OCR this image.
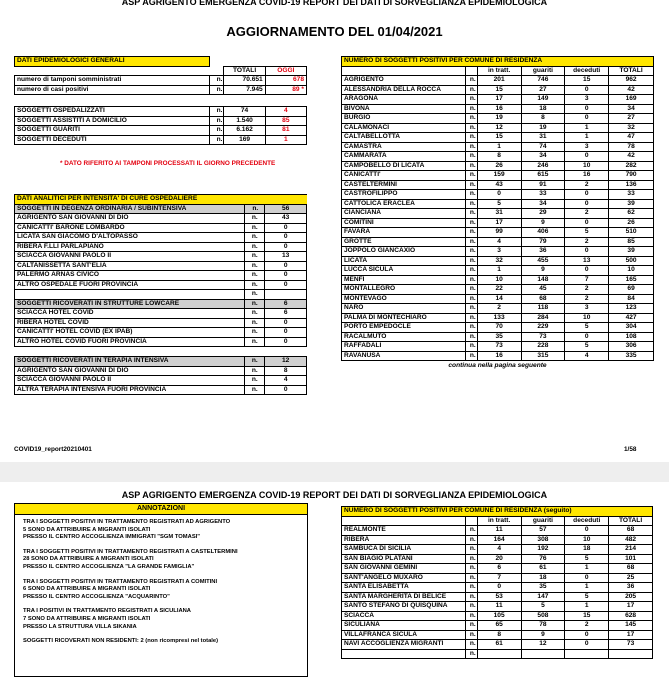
ASP AGRIGENTO EMERGENZA COVID-19 REPORT DEI DATI DI SORVEGLIANZA EPIDEMIOLOGICA
AGGIORNAMENTO DEL 01/04/2021
DATI EPIDEMIOLOGICI GENERALI			
		TOTALI	OGGI
numero di tamponi somministrati	n.	70.651	678
numero di casi positivi	n.	7.945	89 *

SOGGETTI OSPEDALIZZATI	n.	74	4
SOGGETTI ASSISTITI A DOMICILIO	n.	1.540	85
SOGGETTI GUARITI	n.	6.162	81
SOGGETTI DECEDUTI	n.	169	1
* DATO RIFERITO AI TAMPONI PROCESSATI IL GIORNO PRECEDENTE
DATI ANALITICI PER INTENSITA' DI CURE OSPEDALIERE		
SOGGETTI IN DEGENZA ORDINARIA / SUBINTENSIVA	n.	56
AGRIGENTO SAN GIOVANNI DI DIO	n.	43
CANICATTI' BARONE LOMBARDO	n.	0
LICATA SAN GIACOMO D'ALTOPASSO	n.	0
RIBERA F.LLI PARLAPIANO	n.	0
SCIACCA GIOVANNI PAOLO II	n.	13
CALTANISSETTA SANT'ELIA	n.	0
PALERMO ARNAS CIVICO	n.	0
ALTRO OSPEDALE FUORI PROVINCIA	n.	0
	n.	
SOGGETTI RICOVERATI IN STRUTTURE LOWCARE	n.	6
SCIACCA HOTEL COVID	n.	6
RIBERA HOTEL COVID	n.	0
CANICATTI' HOTEL COVID (EX IPAB)	n.	0
ALTRO HOTEL COVID FUORI PROVINCIA	n.	0

SOGGETTI RICOVERATI IN TERAPIA INTENSIVA	n.	12
AGRIGENTO SAN GIOVANNI DI DIO	n.	8
SCIACCA GIOVANNI PAOLO II	n.	4
ALTRA TERAPIA INTENSIVA FUORI PROVINCIA	n.	0
COVID19_report20210401	1/58
NUMERO DI SOGGETTI POSITIVI PER COMUNE DI RESIDENZA					
		in tratt.	guariti	deceduti	TOTALI
AGRIGENTO	n.	201	746	15	962
ALESSANDRIA DELLA ROCCA	n.	15	27	0	42
ARAGONA	n.	17	149	3	169
BIVONA	n.	16	18	0	34
BURGIO	n.	19	8	0	27
CALAMONACI	n.	12	19	1	32
CALTABELLOTTA	n.	15	31	1	47
CAMASTRA	n.	1	74	3	78
CAMMARATA	n.	8	34	0	42
CAMPOBELLO DI LICATA	n.	26	246	10	282
CANICATTI'	n.	159	615	16	790
CASTELTERMINI	n.	43	91	2	136
CASTROFILIPPO	n.	0	33	0	33
CATTOLICA ERACLEA	n.	5	34	0	39
CIANCIANA	n.	31	29	2	62
COMITINI	n.	17	9	0	26
FAVARA	n.	99	406	5	510
GROTTE	n.	4	79	2	85
JOPPOLO GIANCAXIO	n.	3	36	0	39
LICATA	n.	32	455	13	500
LUCCA SICULA	n.	1	9	0	10
MENFI	n.	10	148	7	165
MONTALLEGRO	n.	22	45	2	69
MONTEVAGO	n.	14	68	2	84
NARO	n.	2	118	3	123
PALMA DI MONTECHIARO	n.	133	284	10	427
PORTO EMPEDOCLE	n.	70	229	5	304
RACALMUTO	n.	35	73	0	108
RAFFADALI	n.	73	228	5	306
RAVANUSA	n.	16	315	4	335
continua nella pagina seguente					
ASP AGRIGENTO EMERGENZA COVID-19 REPORT DEI DATI DI SORVEGLIANZA EPIDEMIOLOGICA
ANNOTAZIONI

TRA I SOGGETTI POSITIVI IN TRATTAMENTO REGISTRATI AD AGRIGENTO

5 SONO DA ATTRIBUIRE A MIGRANTI ISOLATI

PRESSO IL CENTRO ACCOGLIENZA IMMIGRATI "SGM TOMASI"

TRA I SOGGETTI POSITIVI IN TRATTAMENTO REGISTRATI A CASTELTERMINI

28 SONO DA ATTRIBUIRE A MIGRANTI ISOLATI

PRESSO IL CENTRO ACCOGLIENZA "LA GRANDE FAMIGLIA"

TRA I SOGGETTI POSITIVI IN TRATTAMENTO REGISTRATI A COMITINI

6 SONO DA ATTRIBUIRE A MIGRANTI ISOLATI

PRESSO IL CENTRO ACCOGLIENZA "ACQUARINTO"

TRA I POSITIVI IN TRATTAMENTO REGISTRATI A SICULIANA

7 SONO DA ATTRIBUIRE A MIGRANTI ISOLATI

PRESSO LA STRUTTURA VILLA SIKANIA

SOGGETTI RICOVERATI NON RESIDENTI: 2 (non ricompresi nel totale)

NUMERO DI SOGGETTI POSITIVI PER COMUNE DI RESIDENZA (seguito)					
		in tratt.	guariti	deceduti	TOTALI
REALMONTE	n.	11	57	0	68
RIBERA	n.	164	308	10	482
SAMBUCA DI SICILIA	n.	4	192	18	214
SAN BIAGIO PLATANI	n.	20	76	5	101
SAN GIOVANNI GEMINI	n.	6	61	1	68
SANT'ANGELO MUXARO	n.	7	18	0	25
SANTA ELISABETTA	n.	0	35	1	36
SANTA MARGHERITA DI BELICE	n.	53	147	5	205
SANTO STEFANO DI QUISQUINA	n.	11	5	1	17
SCIACCA	n.	105	508	15	628
SICULIANA	n.	65	78	2	145
VILLAFRANCA SICULA	n.	8	9	0	17
NAVI ACCOGLIENZA MIGRANTI	n.	61	12	0	73
	n.				
